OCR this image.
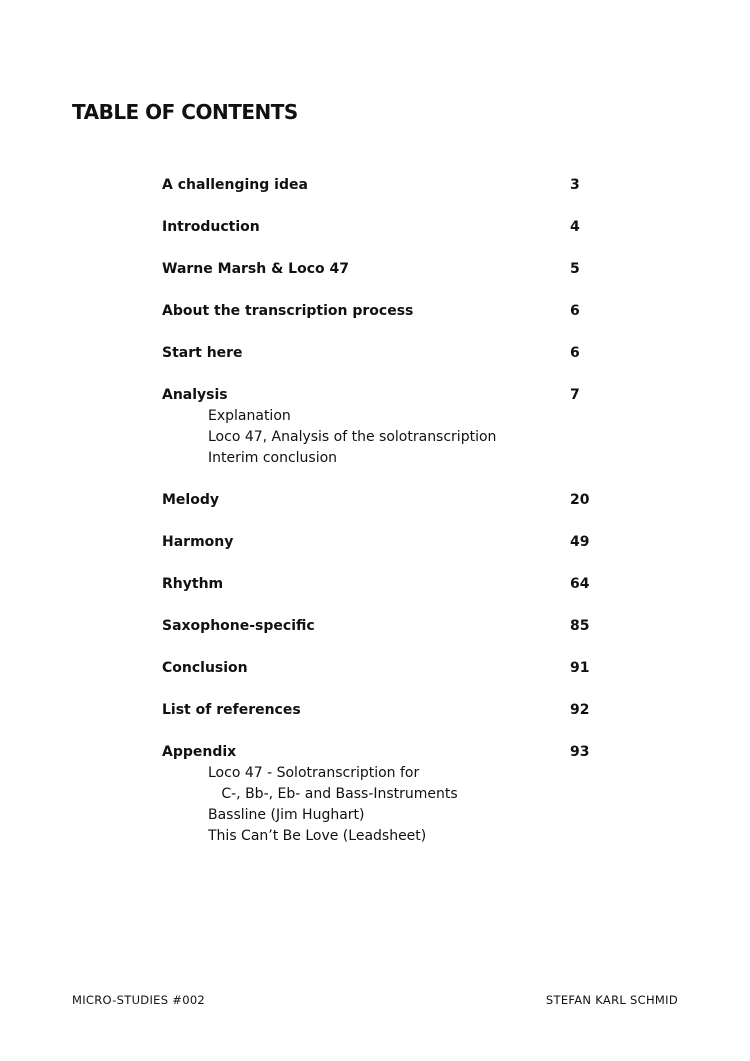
TABLE OF CONTENTS
A challenging idea	3
Introduction	4
Warne Marsh & Loco 47	5
About the transcription process	6
Start here	6
Analysis	7
Explanation
Loco 47, Analysis of the solotranscription
Interim conclusion
Melody	20
Harmony	49
Rhythm	64
Saxophone-specific	85
Conclusion	91
List of references	92
Appendix	93
Loco 47 - Solotranscription for
C-, Bb-, Eb- and Bass-Instruments
Bassline (Jim Hughart)
This Can’t Be Love (Leadsheet)
MICRO-STUDIES #002	STEFAN KARL SCHMID
